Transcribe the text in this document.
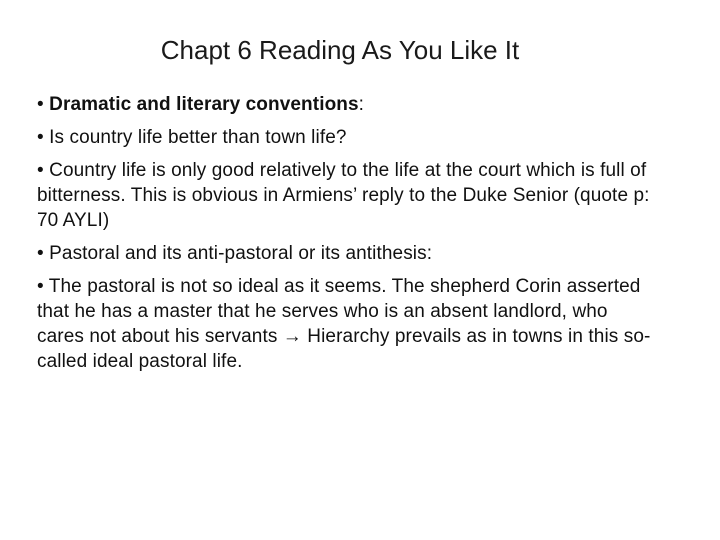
Chapt 6 Reading As You Like It

• Dramatic and literary conventions:

• Is country life better than town life?

• Country life is only good relatively to the life at the court which is full of bitterness. This is obvious in Armiens’ reply to the Duke Senior (quote p: 70 AYLI)

• Pastoral and its anti-pastoral or its antithesis:

• The pastoral is not so ideal as it seems. The shepherd Corin asserted that he has a master that he serves who is an absent landlord, who cares not about his servants → Hierarchy prevails as in towns in this so-called ideal pastoral life.
